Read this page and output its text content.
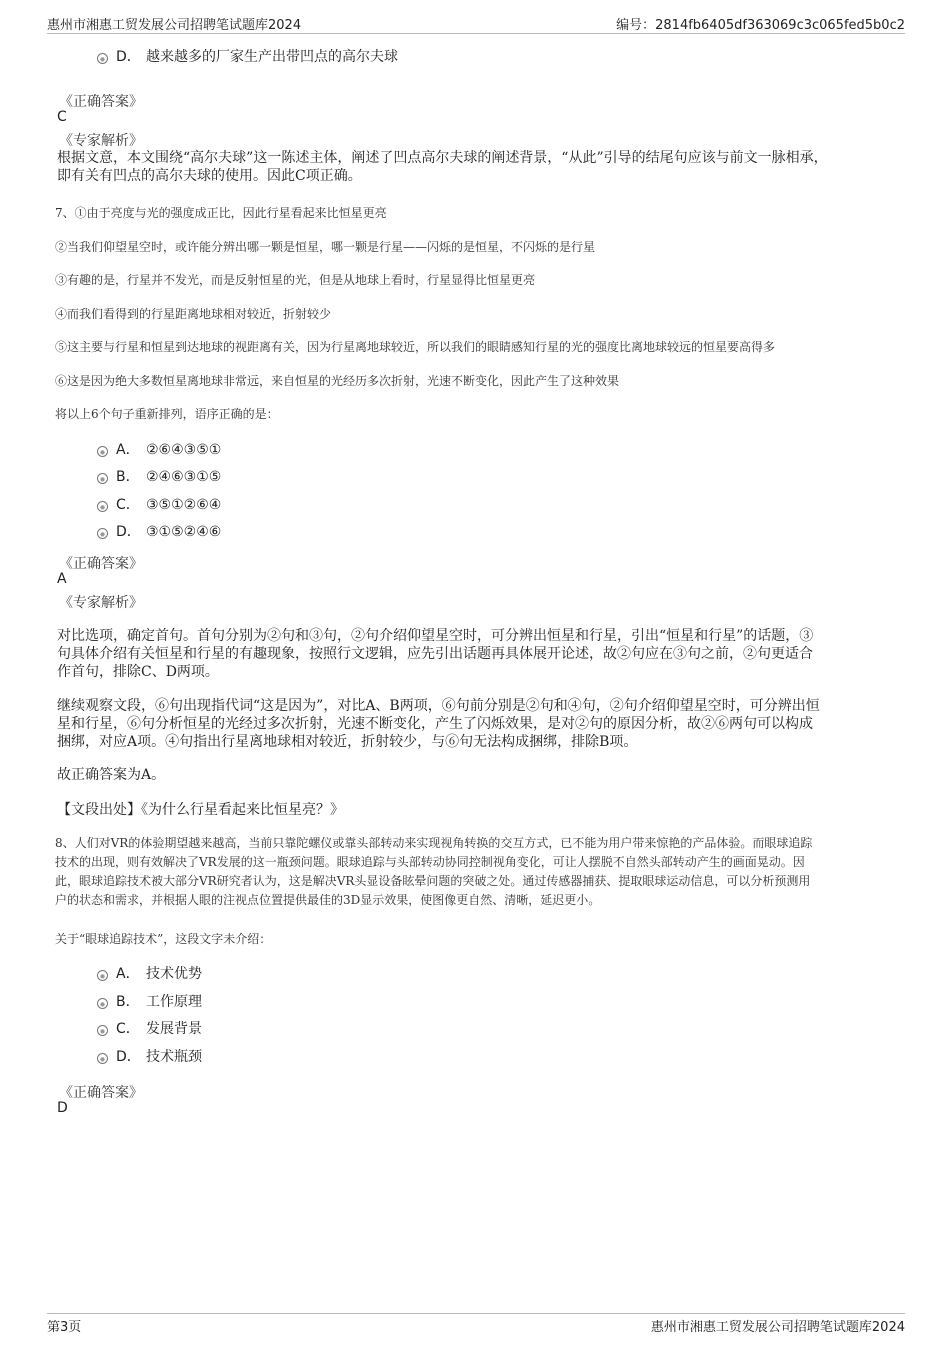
惠州市湘惠工贸发展公司招聘笔试题库2024	编号：2814fb6405df363069c3c065fed5b0c2
D． 越来越多的厂家生产出带凹点的高尔夫球
《正确答案》
C
《专家解析》
根据文意，本文围绕“高尔夫球”这一陈述主体，阐述了凹点高尔夫球的阐述背景，“从此”引导的结尾句应该与前文一脉相承，
即有关有凹点的高尔夫球的使用。因此C项正确。
7、①由于亮度与光的强度成正比，因此行星看起来比恒星更亮
②当我们仰望星空时，或许能分辨出哪一颗是恒星，哪一颗是行星——闪烁的是恒星，不闪烁的是行星
③有趣的是，行星并不发光，而是反射恒星的光，但是从地球上看时，行星显得比恒星更亮
④而我们看得到的行星距离地球相对较近，折射较少
⑤这主要与行星和恒星到达地球的视距离有关，因为行星离地球较近，所以我们的眼睛感知行星的光的强度比离地球较远的恒星要高得多
⑥这是因为绝大多数恒星离地球非常远，来自恒星的光经历多次折射，光速不断变化，因此产生了这种效果
将以上6个句子重新排列，语序正确的是：
A． ②⑥④③⑤①
B． ②④⑥③①⑤
C． ③⑤①②⑥④
D． ③①⑤②④⑥
《正确答案》
A
《专家解析》
对比选项，确定首句。首句分别为②句和③句，②句介绍仰望星空时，可分辨出恒星和行星，引出“恒星和行星”的话题，③
句具体介绍有关恒星和行星的有趣现象，按照行文逻辑，应先引出话题再具体展开论述，故②句应在③句之前，②句更适合
作首句，排除C、D两项。
继续观察文段，⑥句出现指代词“这是因为”，对比A、B两项，⑥句前分别是②句和④句，②句介绍仰望星空时，可分辨出恒
星和行星，⑥句分析恒星的光经过多次折射，光速不断变化，产生了闪烁效果，是对②句的原因分析，故②⑥两句可以构成
捆绑，对应A项。④句指出行星离地球相对较近，折射较少，与⑥句无法构成捆绑，排除B项。
故正确答案为A。
【文段出处】《为什么行星看起来比恒星亮？》
8、人们对VR的体验期望越来越高，当前只靠陀螺仪或靠头部转动来实现视角转换的交互方式，已不能为用户带来惊艳的产品体验。而眼球追踪
技术的出现，则有效解决了VR发展的这一瓶颈问题。眼球追踪与头部转动协同控制视角变化，可让人摆脱不自然头部转动产生的画面晃动。因
此，眼球追踪技术被大部分VR研究者认为，这是解决VR头显设备眩晕问题的突破之处。通过传感器捕获、提取眼球运动信息，可以分析预测用
户的状态和需求，并根据人眼的注视点位置提供最佳的3D显示效果，使图像更自然、清晰，延迟更小。
关于“眼球追踪技术”，这段文字未介绍：
A． 技术优势
B． 工作原理
C． 发展背景
D． 技术瓶颈
《正确答案》
D
第3页	惠州市湘惠工贸发展公司招聘笔试题库2024
